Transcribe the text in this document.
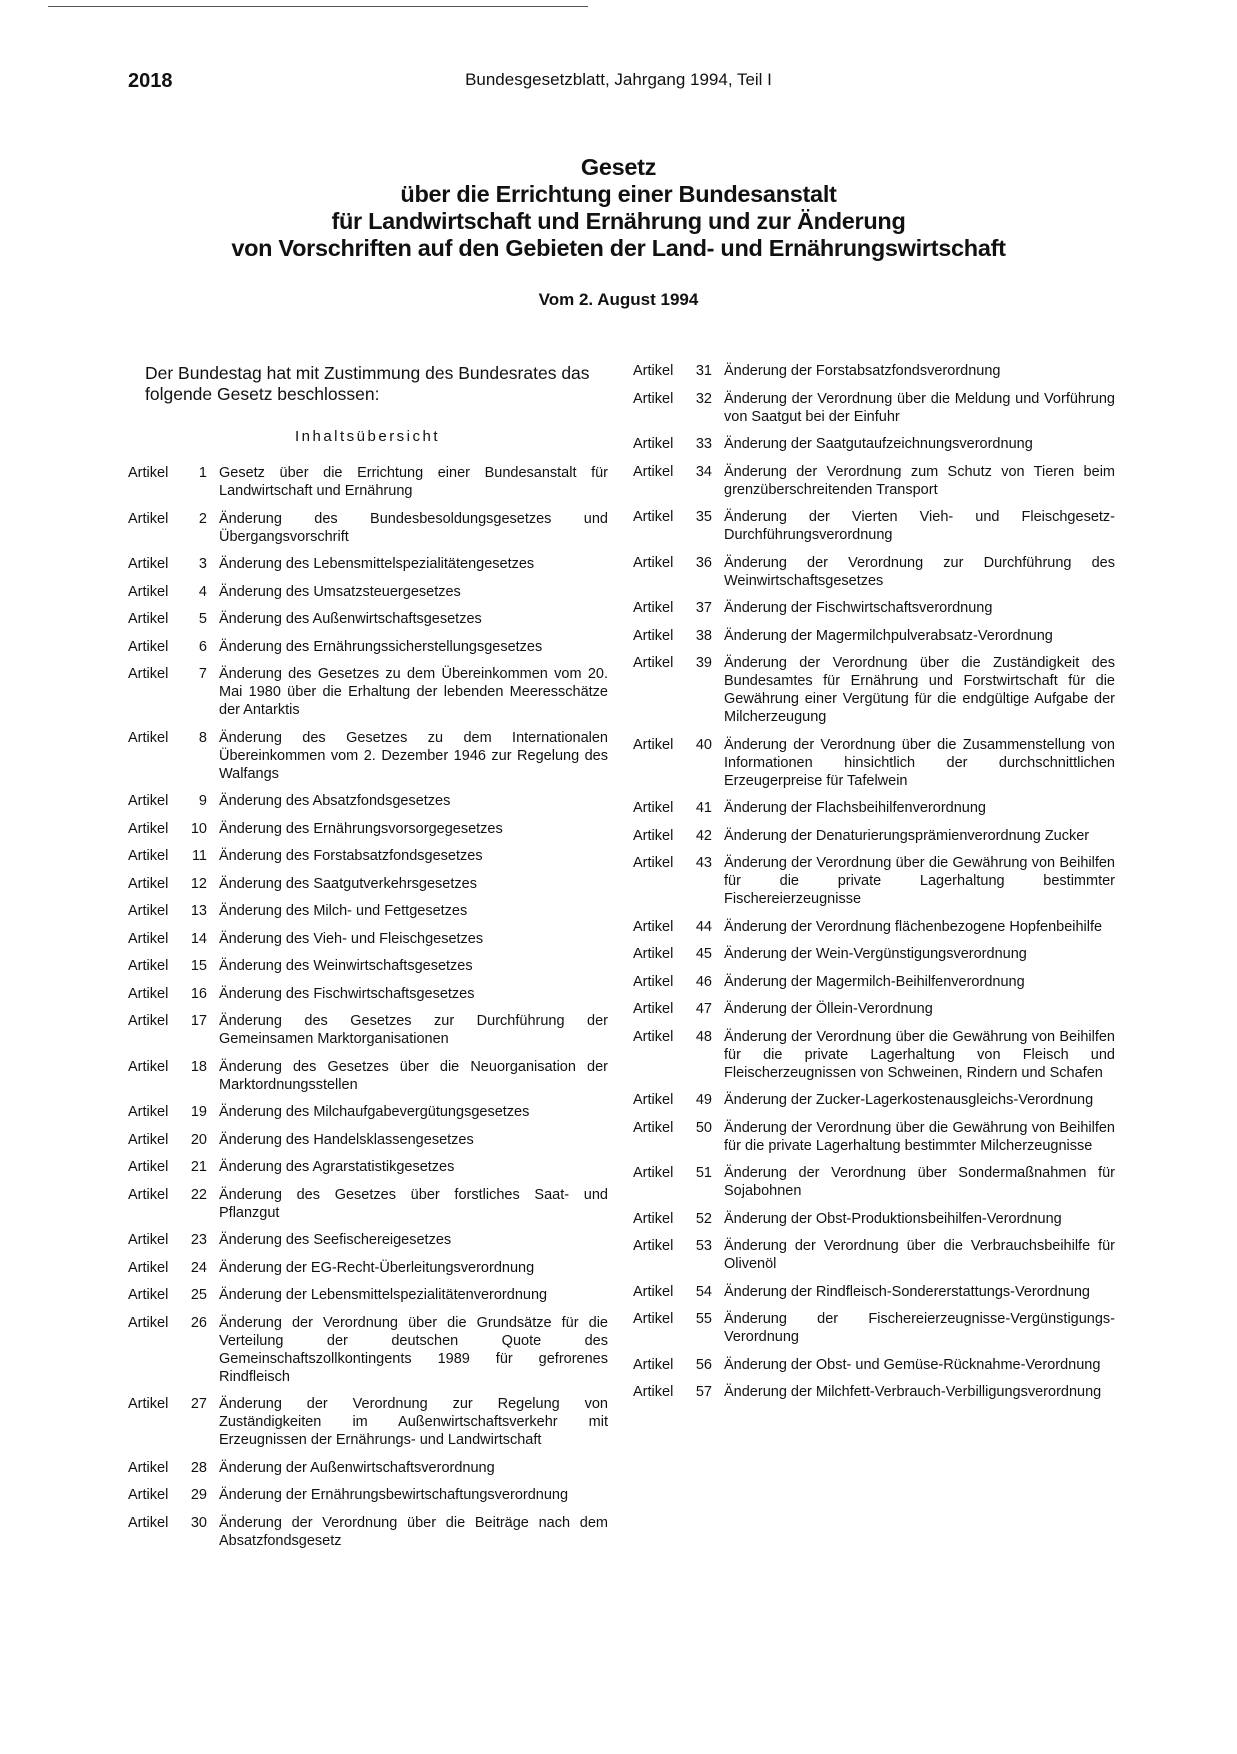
2018	Bundesgesetzblatt, Jahrgang 1994, Teil I
Gesetz
über die Errichtung einer Bundesanstalt
für Landwirtschaft und Ernährung und zur Änderung
von Vorschriften auf den Gebieten der Land- und Ernährungswirtschaft
Vom 2. August 1994
Der Bundestag hat mit Zustimmung des Bundesrates das folgende Gesetz beschlossen:
Inhaltsübersicht
Artikel	1 Gesetz über die Errichtung einer Bundesanstalt für Landwirtschaft und Ernährung
Artikel	2 Änderung des Bundesbesoldungsgesetzes und Übergangsvorschrift
Artikel	3 Änderung des Lebensmittelspezialitätengesetzes
Artikel	4 Änderung des Umsatzsteuergesetzes
Artikel	5 Änderung des Außenwirtschaftsgesetzes
Artikel	6 Änderung des Ernährungssicherstellungsgesetzes
Artikel	7 Änderung des Gesetzes zu dem Übereinkommen vom 20. Mai 1980 über die Erhaltung der lebenden Meeresschätze der Antarktis
Artikel	8 Änderung des Gesetzes zu dem Internationalen Übereinkommen vom 2. Dezember 1946 zur Regelung des Walfangs
Artikel	9 Änderung des Absatzfondsgesetzes
Artikel	10 Änderung des Ernährungsvorsorgegesetzes
Artikel	11 Änderung des Forstabsatzfondsgesetzes
Artikel	12 Änderung des Saatgutverkehrsgesetzes
Artikel	13 Änderung des Milch- und Fettgesetzes
Artikel	14 Änderung des Vieh- und Fleischgesetzes
Artikel	15 Änderung des Weinwirtschaftsgesetzes
Artikel	16 Änderung des Fischwirtschaftsgesetzes
Artikel	17 Änderung des Gesetzes zur Durchführung der Gemeinsamen Marktorganisationen
Artikel	18 Änderung des Gesetzes über die Neuorganisation der Marktordnungsstellen
Artikel	19 Änderung des Milchaufgabevergütungsgesetzes
Artikel	20 Änderung des Handelsklassengesetzes
Artikel	21 Änderung des Agrarstatistikgesetzes
Artikel	22 Änderung des Gesetzes über forstliches Saat- und Pflanzgut
Artikel	23 Änderung des Seefischereigesetzes
Artikel	24 Änderung der EG-Recht-Überleitungsverordnung
Artikel	25 Änderung der Lebensmittelspezialitätenverordnung
Artikel	26 Änderung der Verordnung über die Grundsätze für die Verteilung der deutschen Quote des Gemeinschaftszollkontingents 1989 für gefrorenes Rindfleisch
Artikel	27 Änderung der Verordnung zur Regelung von Zuständigkeiten im Außenwirtschaftsverkehr mit Erzeugnissen der Ernährungs- und Landwirtschaft
Artikel	28 Änderung der Außenwirtschaftsverordnung
Artikel	29 Änderung der Ernährungsbewirtschaftungsverordnung
Artikel	30 Änderung der Verordnung über die Beiträge nach dem Absatzfondsgesetz
Artikel	31 Änderung der Forstabsatzfondsverordnung
Artikel	32 Änderung der Verordnung über die Meldung und Vorführung von Saatgut bei der Einfuhr
Artikel	33 Änderung der Saatgutaufzeichnungsverordnung
Artikel	34 Änderung der Verordnung zum Schutz von Tieren beim grenzüberschreitenden Transport
Artikel	35 Änderung der Vierten Vieh- und Fleischgesetz-Durchführungsverordnung
Artikel	36 Änderung der Verordnung zur Durchführung des Weinwirtschaftsgesetzes
Artikel	37 Änderung der Fischwirtschaftsverordnung
Artikel	38 Änderung der Magermilchpulverabsatz-Verordnung
Artikel	39 Änderung der Verordnung über die Zuständigkeit des Bundesamtes für Ernährung und Forstwirtschaft für die Gewährung einer Vergütung für die endgültige Aufgabe der Milcherzeugung
Artikel	40 Änderung der Verordnung über die Zusammenstellung von Informationen hinsichtlich der durchschnittlichen Erzeugerpreise für Tafelwein
Artikel	41 Änderung der Flachsbeihilfenverordnung
Artikel	42 Änderung der Denaturierungsprämienverordnung Zucker
Artikel	43 Änderung der Verordnung über die Gewährung von Beihilfen für die private Lagerhaltung bestimmter Fischereierzeugnisse
Artikel	44 Änderung der Verordnung flächenbezogene Hopfenbeihilfe
Artikel	45 Änderung der Wein-Vergünstigungsverordnung
Artikel	46 Änderung der Magermilch-Beihilfenverordnung
Artikel	47 Änderung der Öllein-Verordnung
Artikel	48 Änderung der Verordnung über die Gewährung von Beihilfen für die private Lagerhaltung von Fleisch und Fleischerzeugnissen von Schweinen, Rindern und Schafen
Artikel	49 Änderung der Zucker-Lagerkostenausgleichs-Verordnung
Artikel	50 Änderung der Verordnung über die Gewährung von Beihilfen für die private Lagerhaltung bestimmter Milcherzeugnisse
Artikel	51 Änderung der Verordnung über Sondermaßnahmen für Sojabohnen
Artikel	52 Änderung der Obst-Produktionsbeihilfen-Verordnung
Artikel	53 Änderung der Verordnung über die Verbrauchsbeihilfe für Olivenöl
Artikel	54 Änderung der Rindfleisch-Sondererstattungs-Verordnung
Artikel	55 Änderung der Fischereierzeugnisse-Vergünstigungs-Verordnung
Artikel	56 Änderung der Obst- und Gemüse-Rücknahme-Verordnung
Artikel	57 Änderung der Milchfett-Verbrauch-Verbilligungsverordnung
